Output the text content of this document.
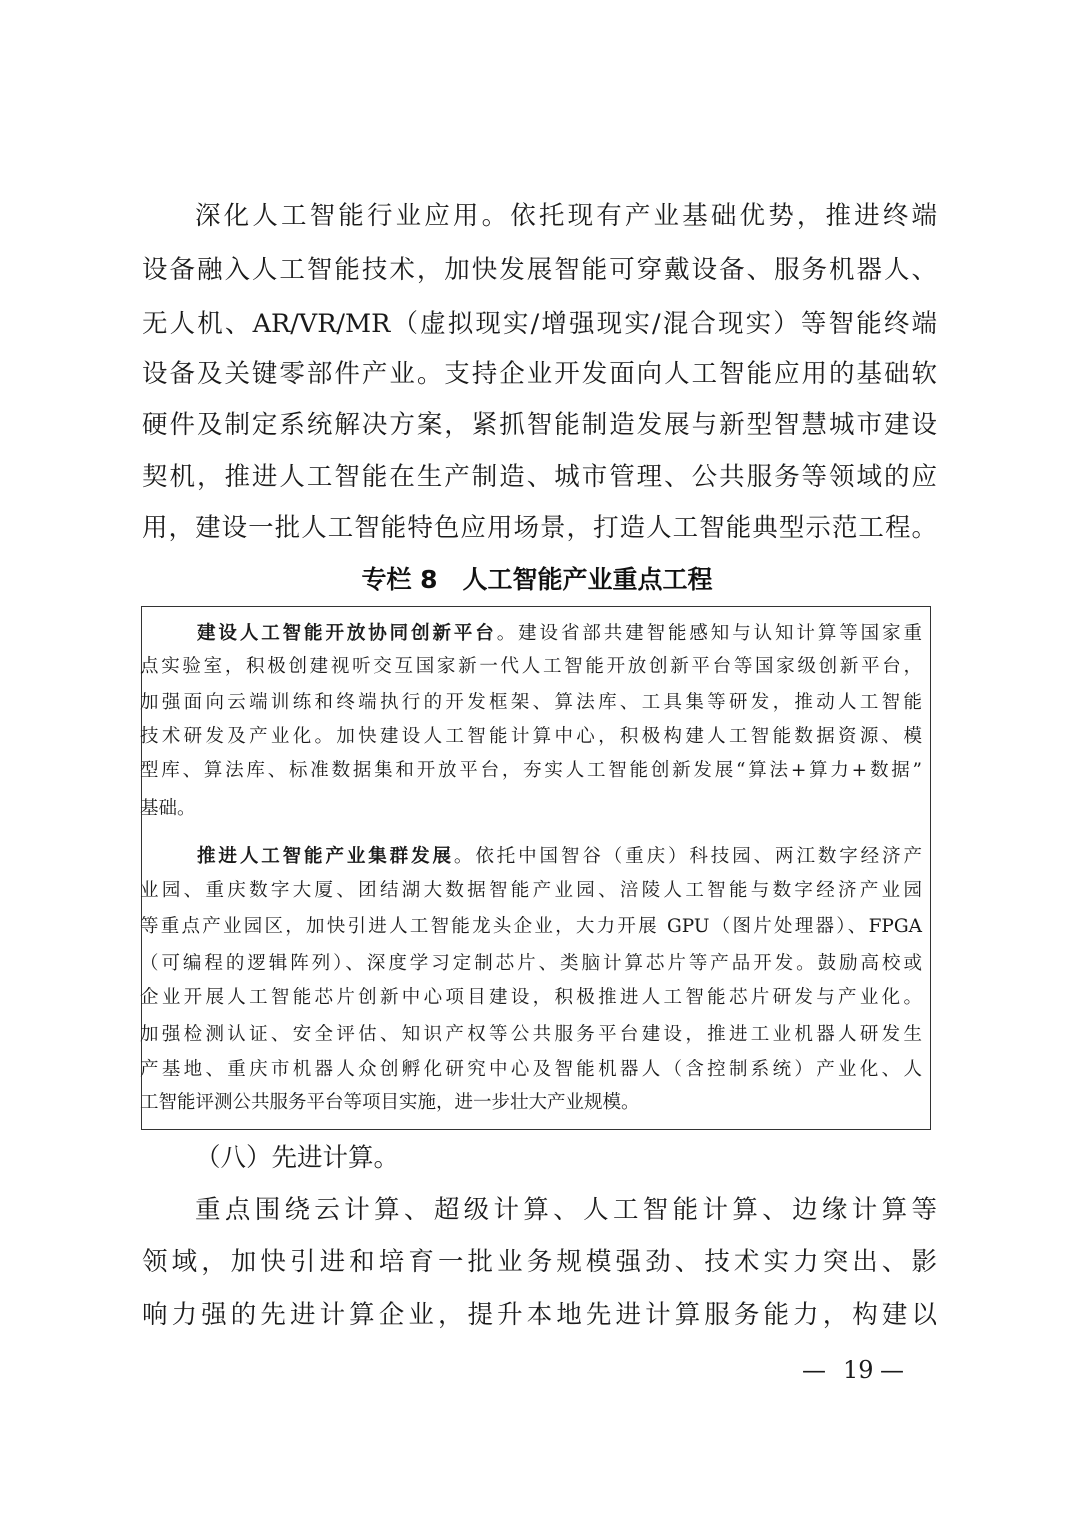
深化人工智能行业应用。依托现有产业基础优势，推进终端
设备融入人工智能技术，加快发展智能可穿戴设备、服务机器人、
无人机、AR/VR/MR（虚拟现实/增强现实/混合现实）等智能终端
设备及关键零部件产业。支持企业开发面向人工智能应用的基础软
硬件及制定系统解决方案，紧抓智能制造发展与新型智慧城市建设
契机，推进人工智能在生产制造、城市管理、公共服务等领域的应
用，建设一批人工智能特色应用场景，打造人工智能典型示范工程。
专栏 8　人工智能产业重点工程
建设人工智能开放协同创新平台。建设省部共建智能感知与认知计算等国家重
点实验室，积极创建视听交互国家新一代人工智能开放创新平台等国家级创新平台，
加强面向云端训练和终端执行的开发框架、算法库、工具集等研发，推动人工智能
技术研发及产业化。加快建设人工智能计算中心，积极构建人工智能数据资源、模
型库、算法库、标准数据集和开放平台，夯实人工智能创新发展“算法+算力+数据”
基础。
推进人工智能产业集群发展。依托中国智谷（重庆）科技园、两江数字经济产
业园、重庆数字大厦、团结湖大数据智能产业园、涪陵人工智能与数字经济产业园
等重点产业园区，加快引进人工智能龙头企业，大力开展 GPU（图片处理器）、FPGA
（可编程的逻辑阵列）、深度学习定制芯片、类脑计算芯片等产品开发。鼓励高校或
企业开展人工智能芯片创新中心项目建设，积极推进人工智能芯片研发与产业化。
加强检测认证、安全评估、知识产权等公共服务平台建设，推进工业机器人研发生
产基地、重庆市机器人众创孵化研究中心及智能机器人（含控制系统）产业化、人
工智能评测公共服务平台等项目实施，进一步壮大产业规模。
（八）先进计算。
重点围绕云计算、超级计算、人工智能计算、边缘计算等
领域，加快引进和培育一批业务规模强劲、技术实力突出、影
响力强的先进计算企业，提升本地先进计算服务能力，构建以
— 19 —
